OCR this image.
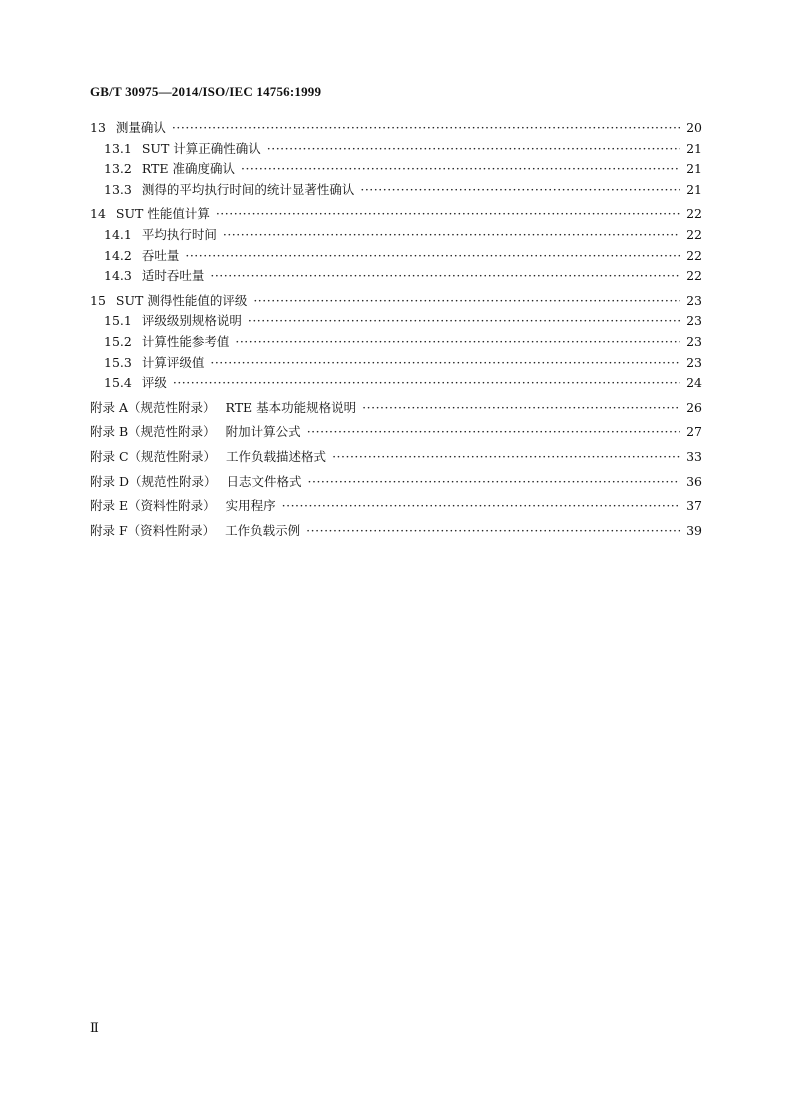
GB/T 30975—2014/ISO/IEC 14756:1999
13 测量确认 ·····	20
13.1 SUT 计算正确性确认 ·····	21
13.2 RTE 准确度确认 ·····	21
13.3 测得的平均执行时间的统计显著性确认 ·····	21
14 SUT 性能值计算 ·····	22
14.1 平均执行时间 ·····	22
14.2 吞吐量 ·····	22
14.3 适时吞吐量 ·····	22
15 SUT 测得性能值的评级 ·····	23
15.1 评级级别规格说明 ·····	23
15.2 计算性能参考值 ·····	23
15.3 计算评级值 ·····	23
15.4 评级 ·····	24
附录 A（规范性附录） RTE 基本功能规格说明 ·····	26
附录 B（规范性附录） 附加计算公式 ·····	27
附录 C（规范性附录） 工作负载描述格式 ·····	33
附录 D（规范性附录） 日志文件格式 ·····	36
附录 E（资料性附录） 实用程序 ·····	37
附录 F（资料性附录） 工作负载示例 ·····	39
Ⅱ
